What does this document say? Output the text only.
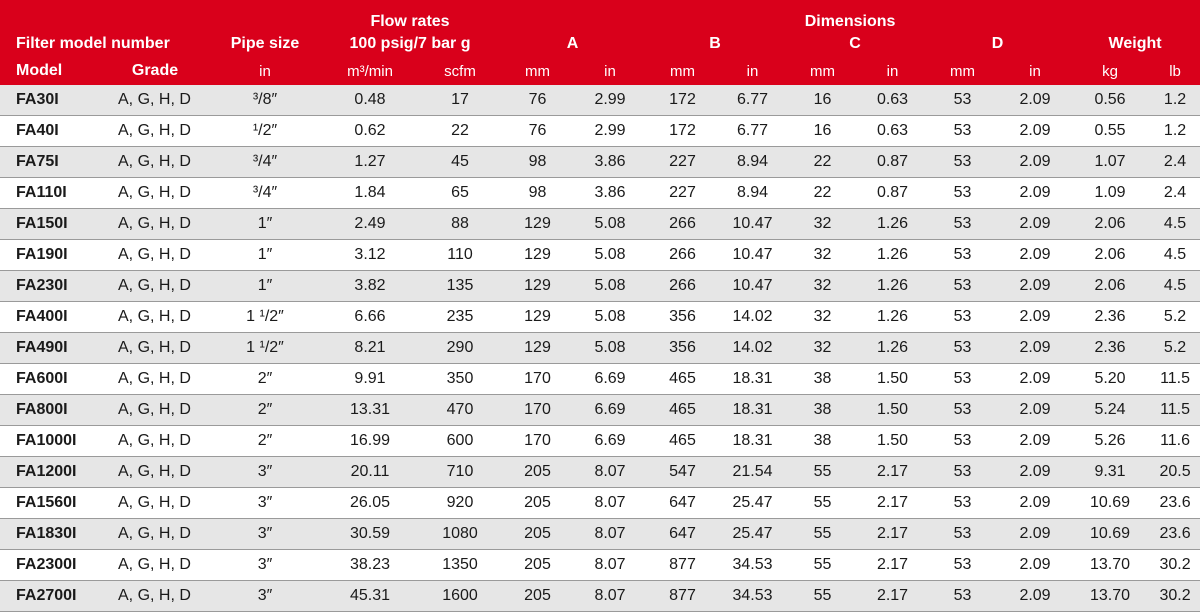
			Flow rates		Dimensions									
Filter model number		Pipe size	100 psig/7 bar g		A		B		C		D		Weight	
Model	Grade	in	m³/min	scfm	mm	in	mm	in	mm	in	mm	in	kg	lb
FA30I	A, G, H, D	³/8″	0.48	17	76	2.99	172	6.77	16	0.63	53	2.09	0.56	1.2
FA40I	A, G, H, D	¹/2″	0.62	22	76	2.99	172	6.77	16	0.63	53	2.09	0.55	1.2
FA75I	A, G, H, D	³/4″	1.27	45	98	3.86	227	8.94	22	0.87	53	2.09	1.07	2.4
FA110I	A, G, H, D	³/4″	1.84	65	98	3.86	227	8.94	22	0.87	53	2.09	1.09	2.4
FA150I	A, G, H, D	1″	2.49	88	129	5.08	266	10.47	32	1.26	53	2.09	2.06	4.5
FA190I	A, G, H, D	1″	3.12	110	129	5.08	266	10.47	32	1.26	53	2.09	2.06	4.5
FA230I	A, G, H, D	1″	3.82	135	129	5.08	266	10.47	32	1.26	53	2.09	2.06	4.5
FA400I	A, G, H, D	1 ¹/2″	6.66	235	129	5.08	356	14.02	32	1.26	53	2.09	2.36	5.2
FA490I	A, G, H, D	1 ¹/2″	8.21	290	129	5.08	356	14.02	32	1.26	53	2.09	2.36	5.2
FA600I	A, G, H, D	2″	9.91	350	170	6.69	465	18.31	38	1.50	53	2.09	5.20	11.5
FA800I	A, G, H, D	2″	13.31	470	170	6.69	465	18.31	38	1.50	53	2.09	5.24	11.5
FA1000I	A, G, H, D	2″	16.99	600	170	6.69	465	18.31	38	1.50	53	2.09	5.26	11.6
FA1200I	A, G, H, D	3″	20.11	710	205	8.07	547	21.54	55	2.17	53	2.09	9.31	20.5
FA1560I	A, G, H, D	3″	26.05	920	205	8.07	647	25.47	55	2.17	53	2.09	10.69	23.6
FA1830I	A, G, H, D	3″	30.59	1080	205	8.07	647	25.47	55	2.17	53	2.09	10.69	23.6
FA2300I	A, G, H, D	3″	38.23	1350	205	8.07	877	34.53	55	2.17	53	2.09	13.70	30.2
FA2700I	A, G, H, D	3″	45.31	1600	205	8.07	877	34.53	55	2.17	53	2.09	13.70	30.2
